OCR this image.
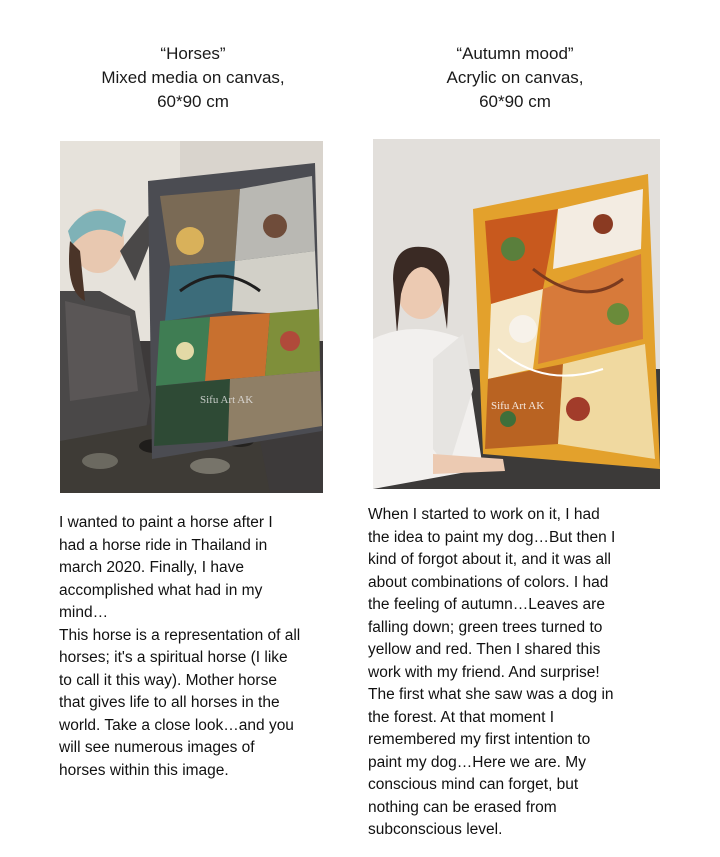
“Horses”
Mixed media on canvas,
60*90 cm
“Autumn mood”
Acrylic on canvas,
60*90 cm
Sifu Art AK	Sifu Art AK

I wanted to paint a horse after I

had a horse ride in Thailand in

march 2020. Finally, I have

accomplished what had in my

mind…

This horse is a representation of all

horses; it's a spiritual horse (I like

to call it this way). Mother horse

that gives life to all horses in the

world. Take a close look…and you

will see numerous images of

horses within this image.

When I started to work on it, I had

the idea to paint my dog…But then I

kind of forgot about it, and it was all

about combinations of colors. I had

the feeling of autumn…Leaves are

falling down; green trees turned to

yellow and red. Then I shared this

work with my friend. And surprise!

The first what she saw was a dog in

the forest. At that moment I

remembered my first intention to

paint my dog…Here we are. My

conscious mind can forget, but

nothing can be erased from

subconscious level.
